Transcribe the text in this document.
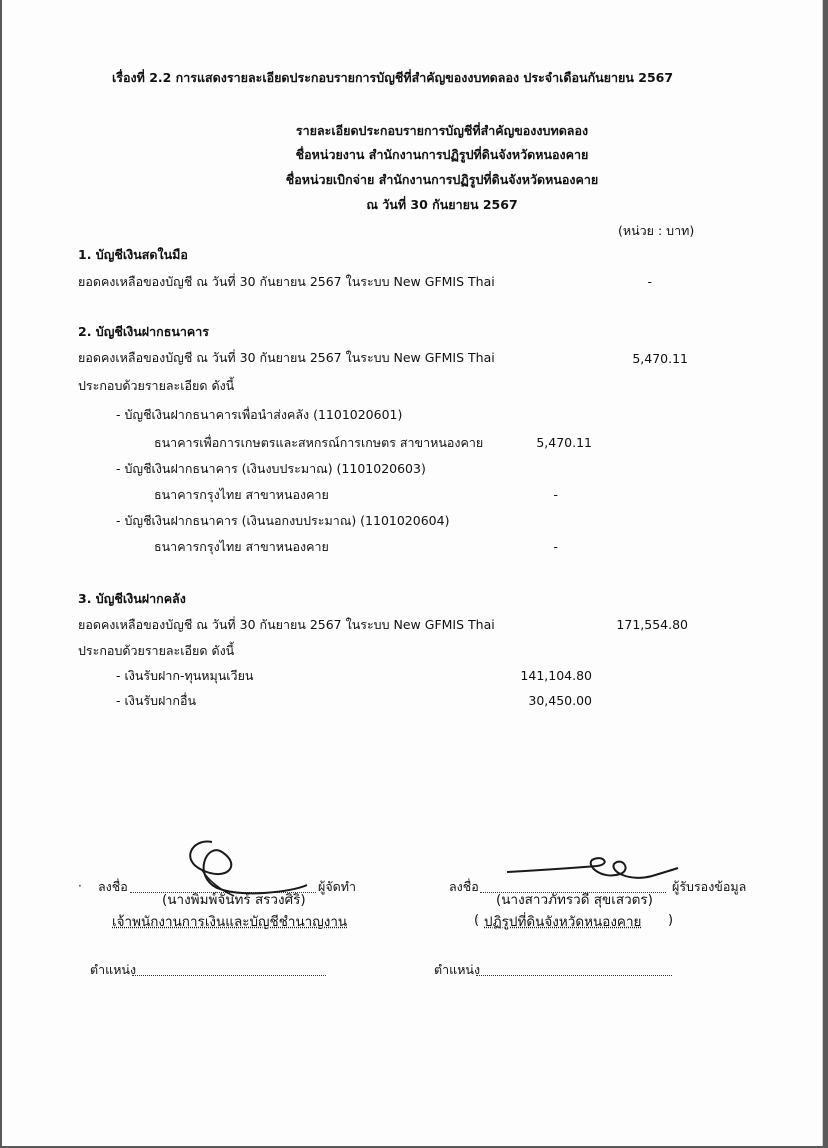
เรื่องที่ 2.2 การแสดงรายละเอียดประกอบรายการบัญชีที่สำคัญของงบทดลอง ประจำเดือนกันยายน 2567
รายละเอียดประกอบรายการบัญชีที่สำคัญของงบทดลอง
ชื่อหน่วยงาน สำนักงานการปฏิรูปที่ดินจังหวัดหนองคาย
ชื่อหน่วยเบิกจ่าย สำนักงานการปฏิรูปที่ดินจังหวัดหนองคาย
ณ วันที่ 30 กันยายน 2567
(หน่วย : บาท)
1. บัญชีเงินสดในมือ
ยอดคงเหลือของบัญชี ณ วันที่ 30 กันยายน 2567 ในระบบ New GFMIS Thai	-
2. บัญชีเงินฝากธนาคาร
ยอดคงเหลือของบัญชี ณ วันที่ 30 กันยายน 2567 ในระบบ New GFMIS Thai	5,470.11
ประกอบด้วยรายละเอียด ดังนี้
- บัญชีเงินฝากธนาคารเพื่อนำส่งคลัง (1101020601)
ธนาคารเพื่อการเกษตรและสหกรณ์การเกษตร สาขาหนองคาย	5,470.11
- บัญชีเงินฝากธนาคาร (เงินงบประมาณ) (1101020603)
ธนาคารกรุงไทย สาขาหนองคาย	-
- บัญชีเงินฝากธนาคาร (เงินนอกงบประมาณ) (1101020604)
ธนาคารกรุงไทย สาขาหนองคาย	-
3. บัญชีเงินฝากคลัง
ยอดคงเหลือของบัญชี ณ วันที่ 30 กันยายน 2567 ในระบบ New GFMIS Thai	171,554.80
ประกอบด้วยรายละเอียด ดังนี้
- เงินรับฝาก-ทุนหมุนเวียน	141,104.80
- เงินรับฝากอื่น	30,450.00
· ลงชื่อ	ผู้จัดทำ
(นางพิมพ์จันทร์ สรวงศิริ)
เจ้าพนักงานการเงินและบัญชีชำนาญงาน
ตำแหน่ง
ลงชื่อ	ผู้รับรองข้อมูล
(นางสาวภัทรวดี สุขเสวตร)
( ปฏิรูปที่ดินจังหวัดหนองคาย )
ตำแหน่ง
